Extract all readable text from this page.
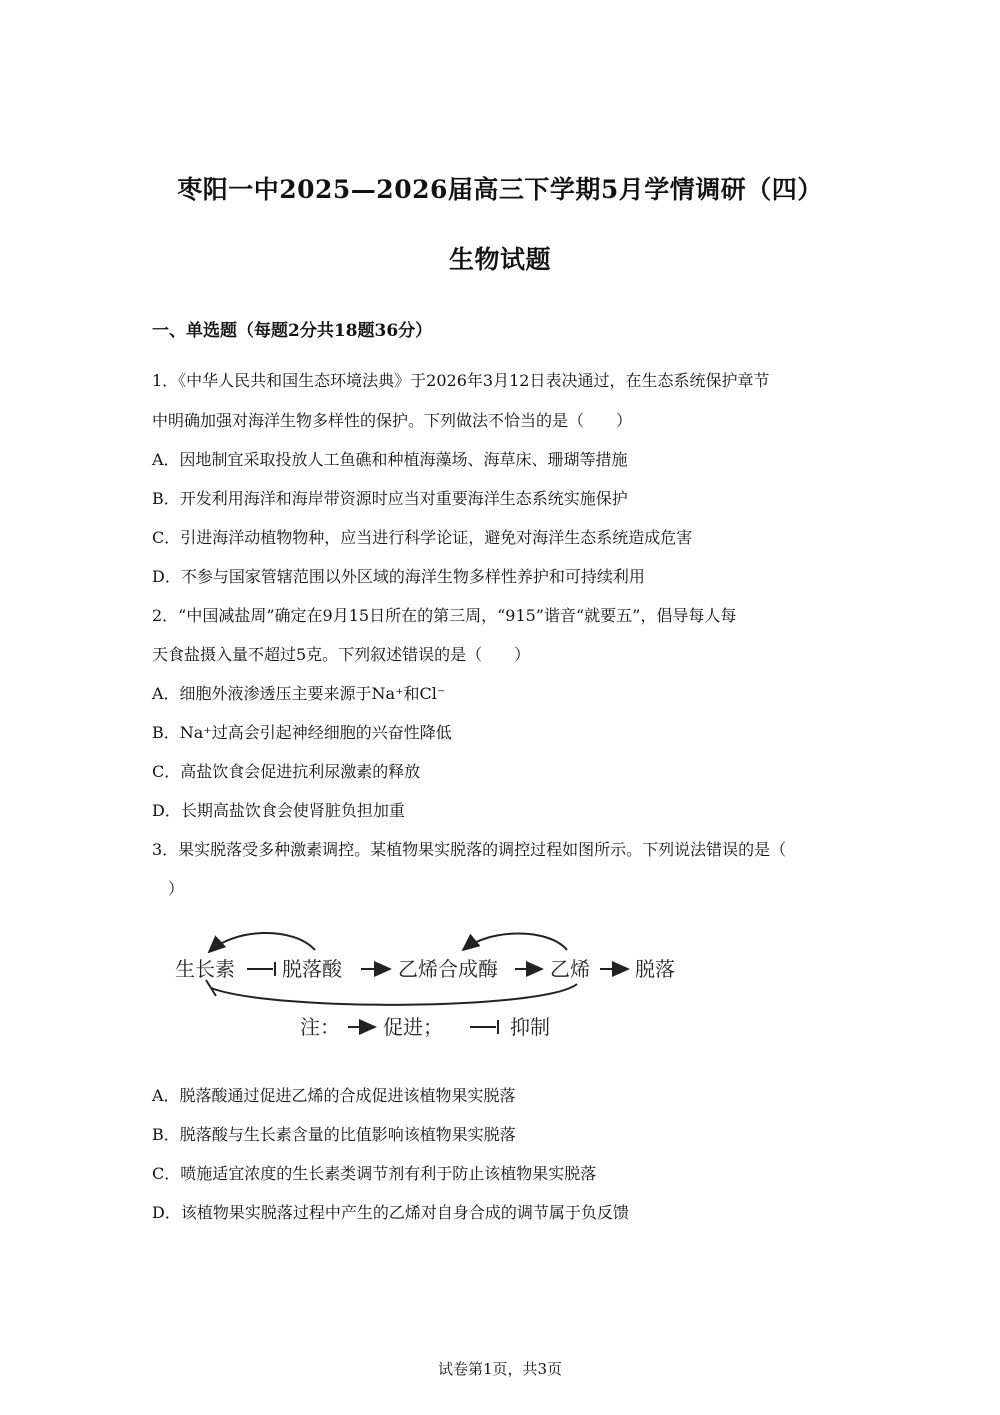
枣阳一中2025—2026届高三下学期5月学情调研（四）
生物试题
一、单选题（每题2分共18题36分）
1．《中华人民共和国生态环境法典》于2026年3月12日表决通过，在生态系统保护章节
中明确加强对海洋生物多样性的保护。下列做法不恰当的是（　　）
A．因地制宜采取投放人工鱼礁和种植海藻场、海草床、珊瑚等措施
B．开发利用海洋和海岸带资源时应当对重要海洋生态系统实施保护
C．引进海洋动植物物种，应当进行科学论证，避免对海洋生态系统造成危害
D．不参与国家管辖范围以外区域的海洋生物多样性养护和可持续利用
2．“中国减盐周”确定在9月15日所在的第三周，“915”谐音“就要五”，倡导每人每
天食盐摄入量不超过5克。下列叙述错误的是（　　）
A．细胞外液渗透压主要来源于Na⁺和Cl⁻
B．Na⁺过高会引起神经细胞的兴奋性降低
C．高盐饮食会促进抗利尿激素的释放
D．长期高盐饮食会使肾脏负担加重
3．果实脱落受多种激素调控。某植物果实脱落的调控过程如图所示。下列说法错误的是（
　）
生长素 脱落酸	乙烯合成酶	乙烯 脱落
注： 促进；	抑制
A．脱落酸通过促进乙烯的合成促进该植物果实脱落
B．脱落酸与生长素含量的比值影响该植物果实脱落
C．喷施适宜浓度的生长素类调节剂有利于防止该植物果实脱落
D．该植物果实脱落过程中产生的乙烯对自身合成的调节属于负反馈
试卷第1页，共3页
